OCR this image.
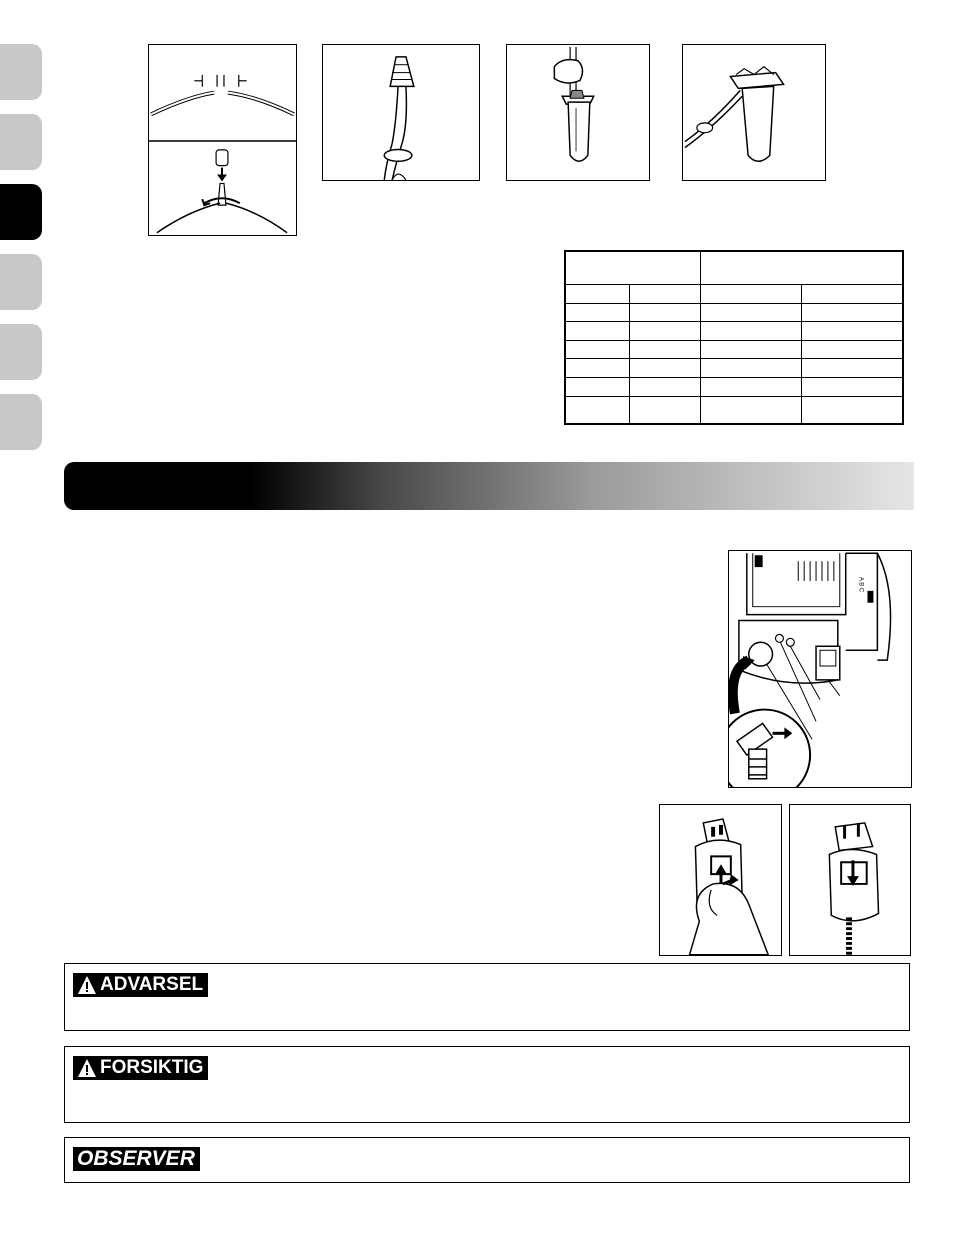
A B C
ADVARSEL
FORSIKTIG
OBSERVER
